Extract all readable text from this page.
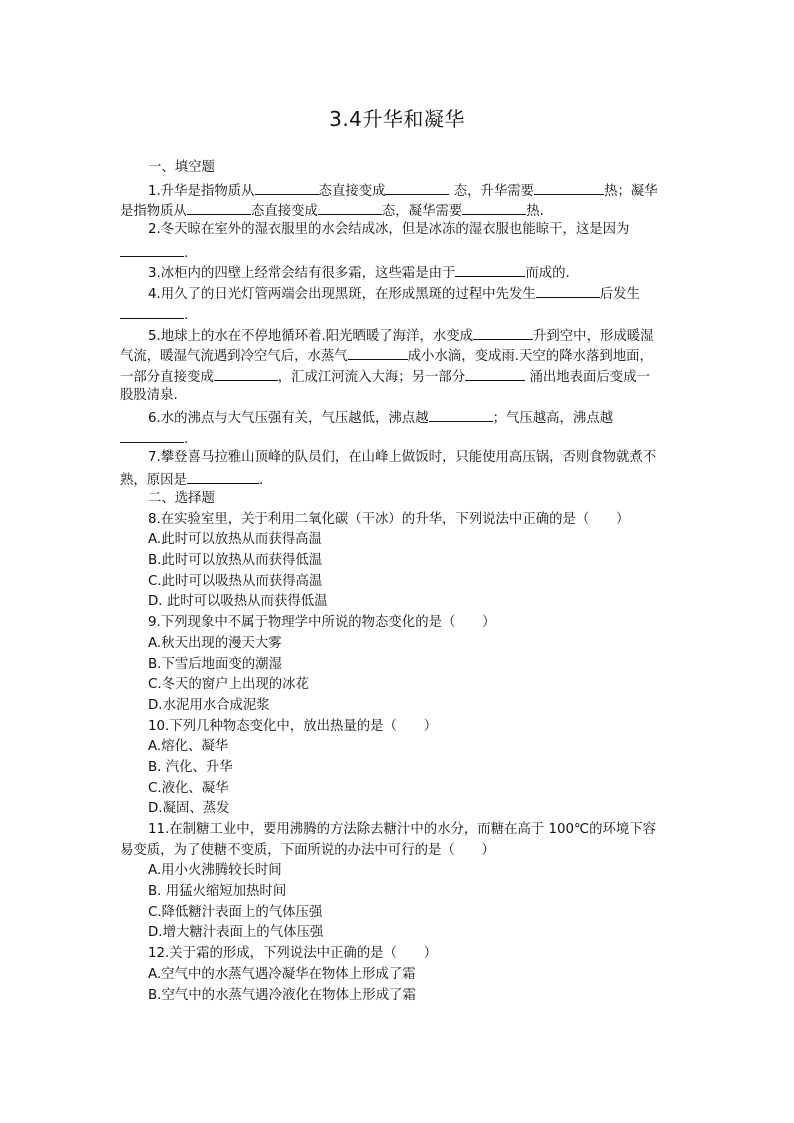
3.4升华和凝华
一、填空题
1.升华是指物质从	态直接变成	态，升华需要	热；凝华
是指物质从	态直接变成	态，凝华需要	热.
2.冬天晾在室外的湿衣服里的水会结成冰，但是冰冻的湿衣服也能晾干，这是因为
.
3.冰柜内的四壁上经常会结有很多霜，这些霜是由于	而成的.
4.用久了的日光灯管两端会出现黑斑，在形成黑斑的过程中先发生	后发生
.
5.地球上的水在不停地循环着.阳光晒暖了海洋，水变成	升到空中，形成暖湿
气流，暖湿气流遇到冷空气后，水蒸气	成小水滴，变成雨.天空的降水落到地面，
一部分直接变成	，汇成江河流入大海；另一部分	涌出地表面后变成一
股股清泉.
6.水的沸点与大气压强有关，气压越低，沸点越	；气压越高，沸点越
.
7.攀登喜马拉雅山顶峰的队员们，在山峰上做饭时，只能使用高压锅，否则食物就煮不
熟，原因是	.
二、选择题
8.在实验室里，关于利用二氧化碳（干冰）的升华，下列说法中正确的是（　　）
A.此时可以放热从而获得高温
B.此时可以放热从而获得低温
C.此时可以吸热从而获得高温
D. 此时可以吸热从而获得低温
9.下列现象中不属于物理学中所说的物态变化的是（　　）
A.秋天出现的漫天大雾
B.下雪后地面变的潮湿
C.冬天的窗户上出现的冰花
D.水泥用水合成泥浆
10.下列几种物态变化中，放出热量的是（　　）
A.熔化、凝华
B. 汽化、升华
C.液化、凝华
D.凝固、蒸发
11.在制糖工业中，要用沸腾的方法除去糖汁中的水分，而糖在高于 100℃的环境下容
易变质，为了使糖不变质，下面所说的办法中可行的是（　　）
A.用小火沸腾较长时间
B. 用猛火缩短加热时间
C.降低糖汁表面上的气体压强
D.增大糖汁表面上的气体压强
12.关于霜的形成，下列说法中正确的是（　　）
A.空气中的水蒸气遇冷凝华在物体上形成了霜
B.空气中的水蒸气遇冷液化在物体上形成了霜
